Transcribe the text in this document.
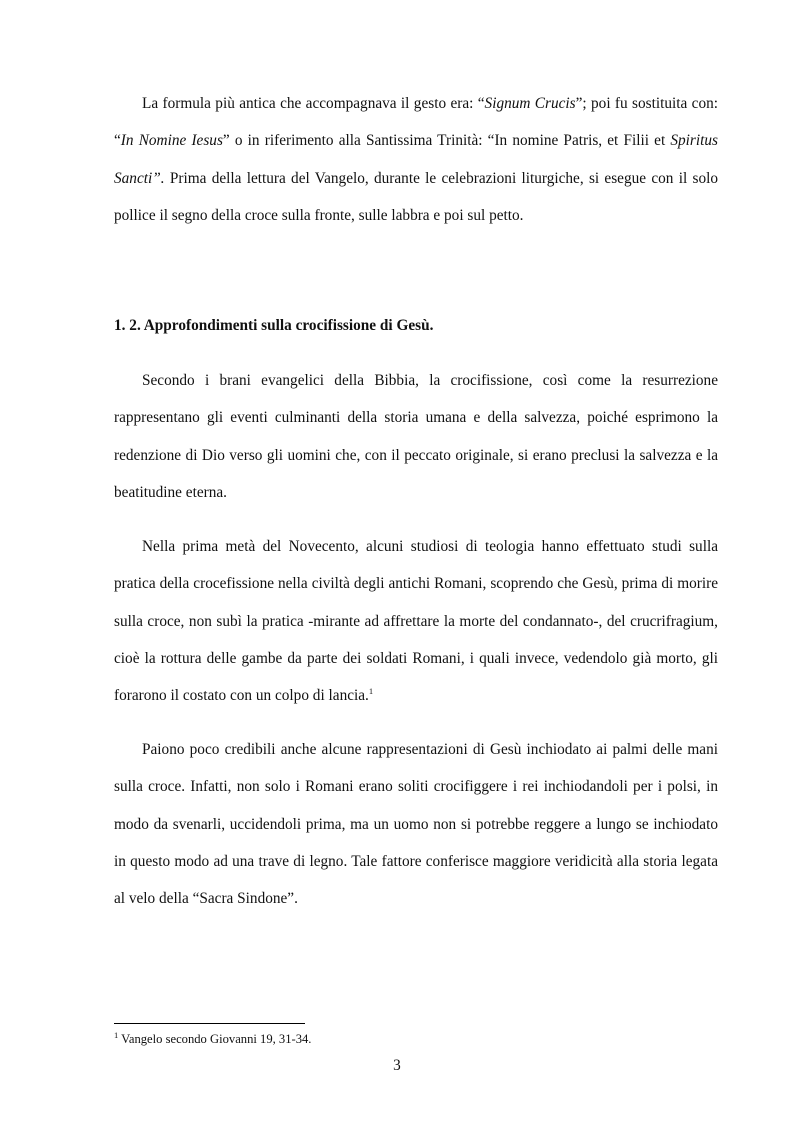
La formula più antica che accompagnava il gesto era: “Signum Crucis”; poi fu sostituita con: “In Nomine Iesus” o in riferimento alla Santissima Trinità: “In nomine Patris, et Filii et Spiritus Sancti”. Prima della lettura del Vangelo, durante le celebrazioni liturgiche, si esegue con il solo pollice il segno della croce sulla fronte, sulle labbra e poi sul petto.

1. 2. Approfondimenti sulla crocifissione di Gesù.

Secondo i brani evangelici della Bibbia, la crocifissione, così come la resurrezione rappresentano gli eventi culminanti della storia umana e della salvezza, poiché esprimono la redenzione di Dio verso gli uomini che, con il peccato originale, si erano preclusi la salvezza e la beatitudine eterna.

Nella prima metà del Novecento, alcuni studiosi di teologia hanno effettuato studi sulla pratica della crocefissione nella civiltà degli antichi Romani, scoprendo che Gesù, prima di morire sulla croce, non subì la pratica -mirante ad affrettare la morte del condannato-, del crucrifragium, cioè la rottura delle gambe da parte dei soldati Romani, i quali invece, vedendolo già morto, gli forarono il costato con un colpo di lancia.$^1$

Paiono poco credibili anche alcune rappresentazioni di Gesù inchiodato ai palmi delle mani sulla croce. Infatti, non solo i Romani erano soliti crocifiggere i rei inchiodandoli per i polsi, in modo da svenarli, uccidendoli prima, ma un uomo non si potrebbe reggere a lungo se inchiodato in questo modo ad una trave di legno. Tale fattore conferisce maggiore veridicità alla storia legata al velo della “Sacra Sindone”.

$^1$ Vangelo secondo Giovanni 19, 31-34.
3
